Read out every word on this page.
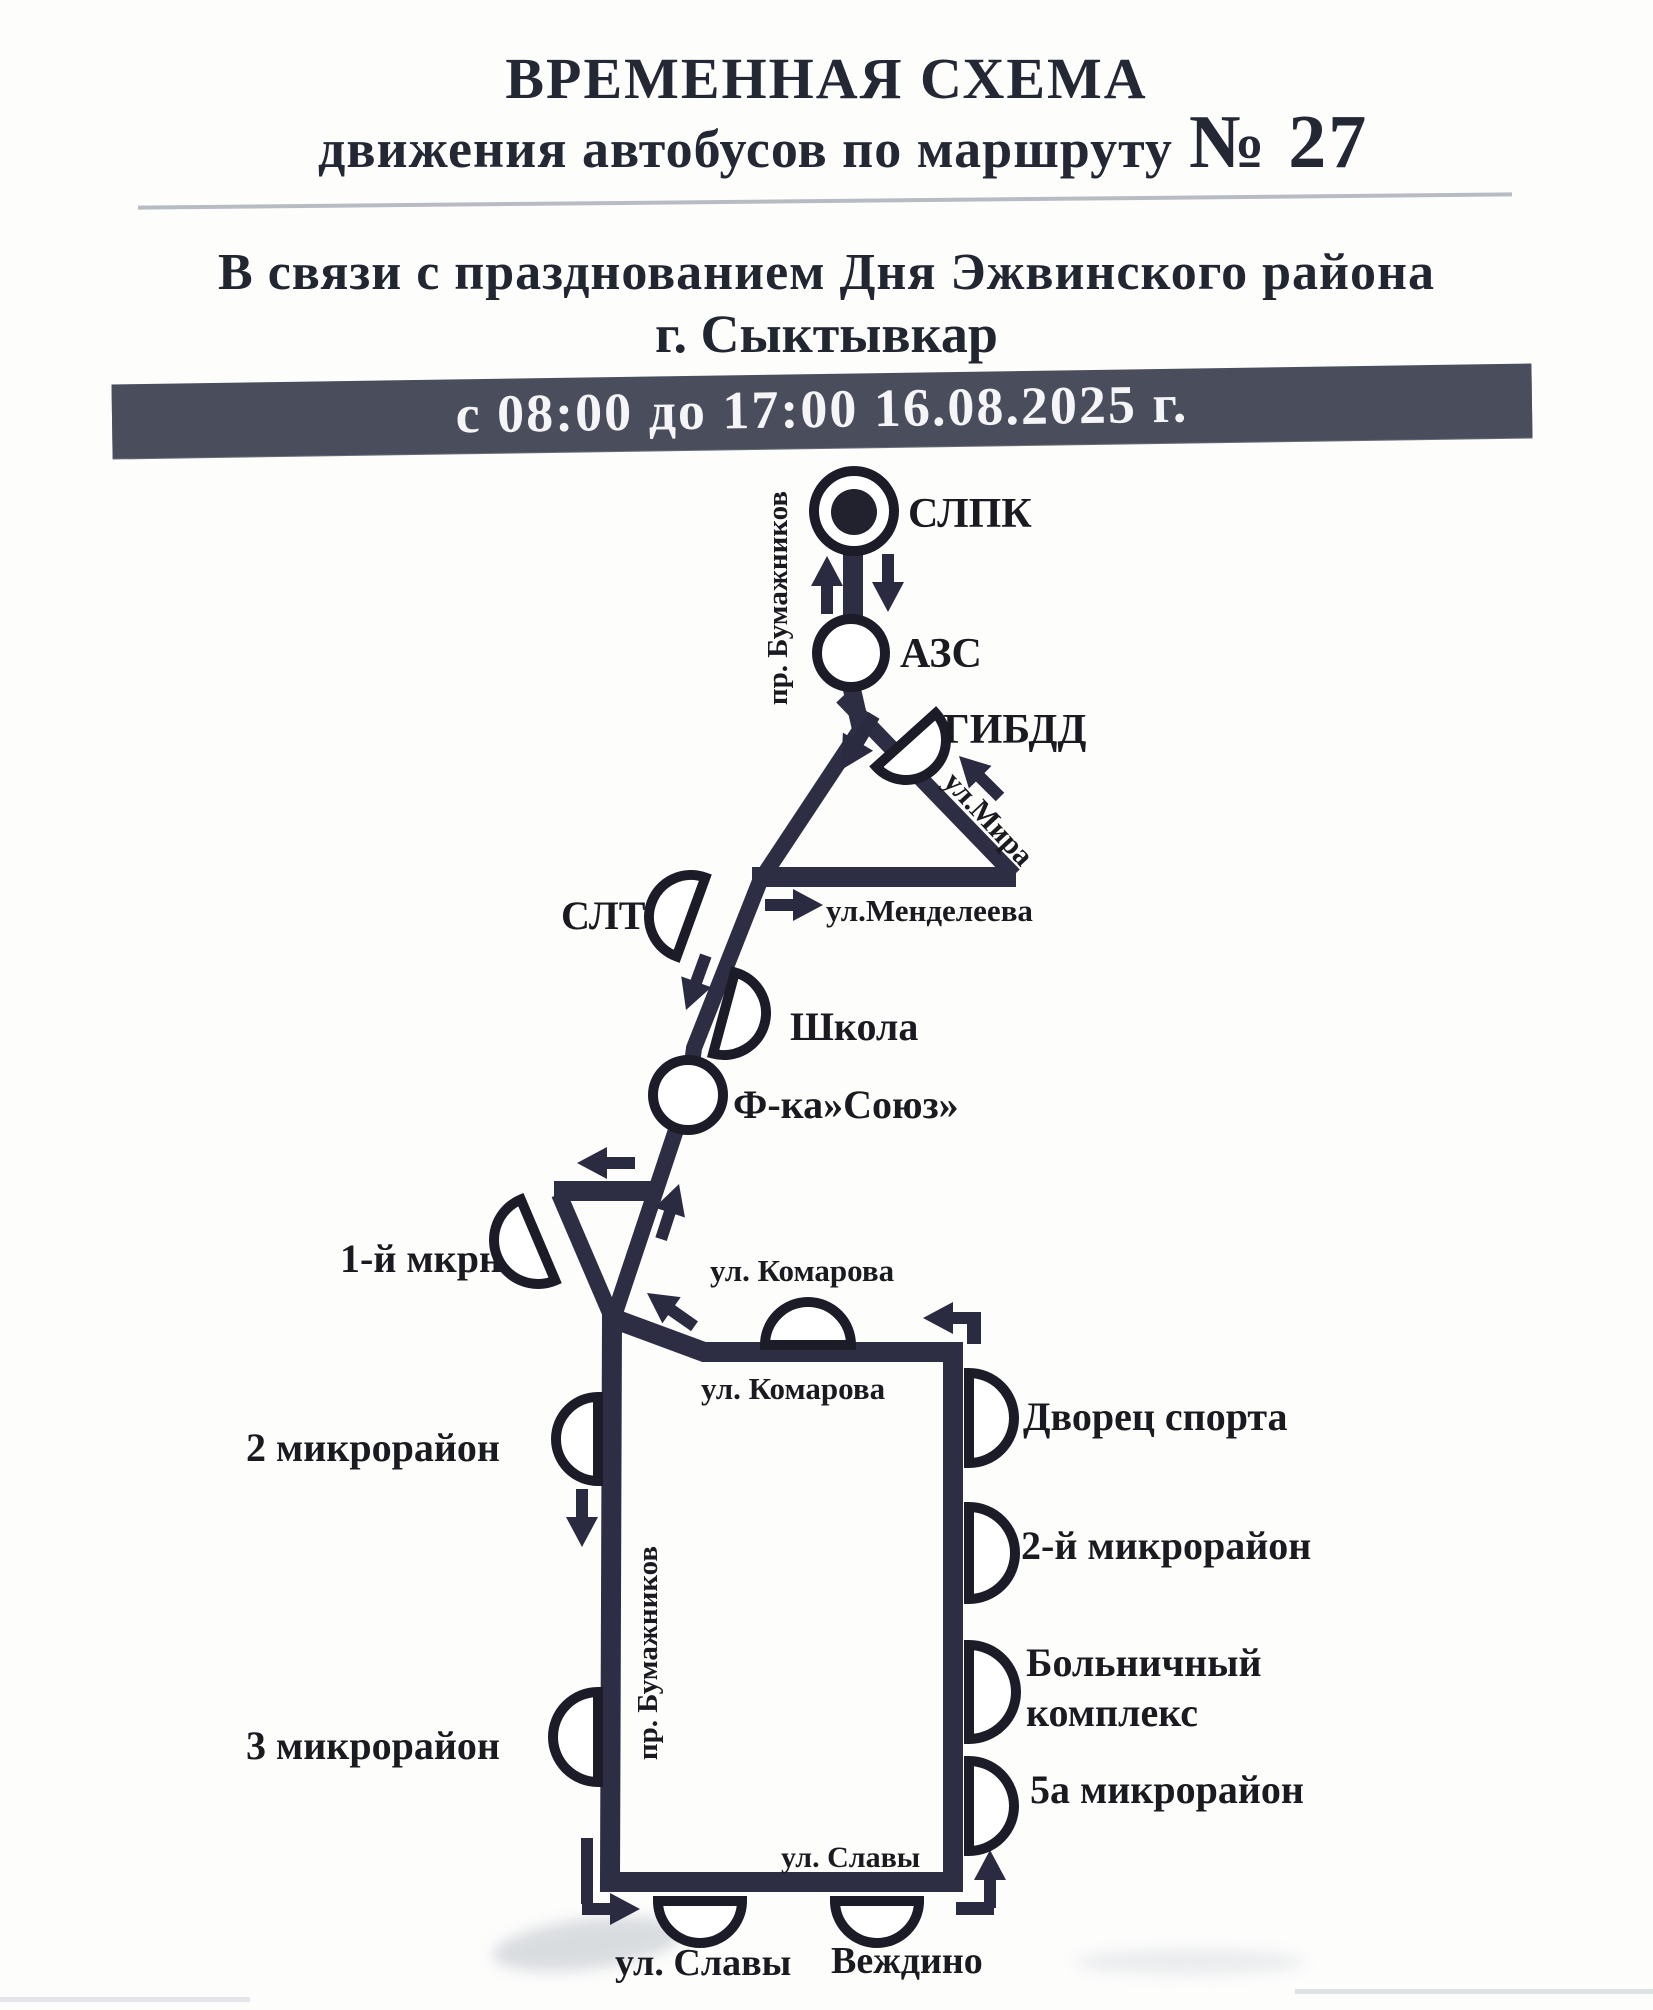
ВРЕМЕННАЯ СХЕМА
движения автобусов по маршруту № 27
В связи с празднованием Дня Эжвинского района
г. Сыктывкар
с 08:00 до 17:00 16.08.2025 г.
СЛПК
АЗС
ГИБДД
СЛТ
Школа
Ф-ка»Союз»
1-й мкрн
Дворец спорта
2-й микрорайон
Больничный
комплекс
5а микрорайон
2 микрорайон
3 микрорайон
ул. Славы Веждино
пр. Бумажников
пр. Бумажников
ул.Мира
ул.Менделеева
ул. Комарова
ул. Комарова
ул. Славы
